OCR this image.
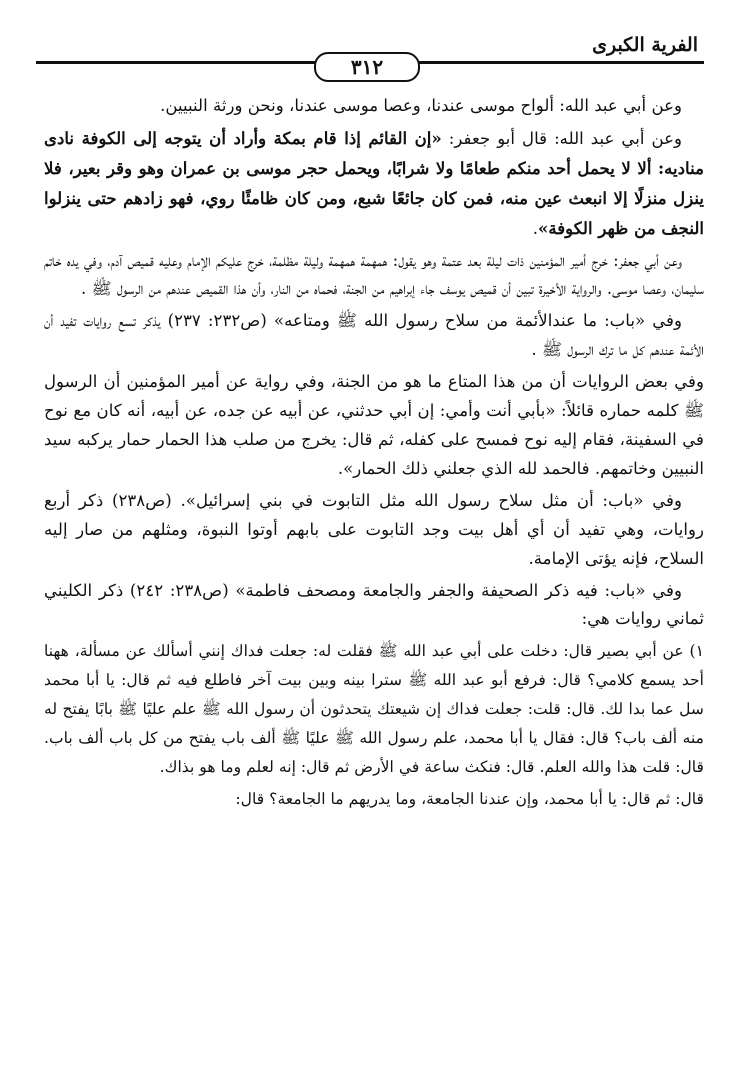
الفرية الكبرى
٣١٢

وعن أبي عبد الله: ألواح موسى عندنا، وعصا موسى عندنا، ونحن ورثة النبيين.

وعن أبي عبد الله: قال أبو جعفر: «إن القائم إذا قام بمكة وأراد أن يتوجه إلى الكوفة نادى مناديه: ألا لا يحمل أحد منكم طعامًا ولا شرابًا، ويحمل حجر موسى بن عمران وهو وقر بعير، فلا ينزل منزلًا إلا انبعث عين منه، فمن كان جائعًا شبع، ومن كان ظامئًا روي، فهو زادهم حتى ينزلوا النجف من ظهر الكوفة».

وعن أبي جعفر: خرج أمير المؤمنين ذات ليلة بعد عتمة وهو يقول: همهمة همهمة وليلة مظلمة، خرج عليكم الإمام وعليه قميص آدم، وفي يده خاتم سليمان، وعصا موسى. والرواية الأخيرة تبين أن قميص يوسف جاء إبراهيم من الجنة، فحماه من النار، وأن هذا القميص عندهم من الرسول ﷺ .

وفي «باب: ما عندالأئمة من سلاح رسول الله ﷺ ومتاعه» (ص٢٣٢: ٢٣٧) يذكر تسع روايات تفيد أن الأئمة عندهم كل ما ترك الرسول ﷺ .

وفي بعض الروايات أن من هذا المتاع ما هو من الجنة، وفي رواية عن أمير المؤمنين أن الرسول ﷺ كلمه حماره قائلاً: «بأبي أنت وأمي: إن أبي حدثني، عن أبيه عن جده، عن أبيه، أنه كان مع نوح في السفينة، فقام إليه نوح فمسح على كفله، ثم قال: يخرج من صلب هذا الحمار حمار يركبه سيد النبيين وخاتمهم. فالحمد لله الذي جعلني ذلك الحمار».

وفي «باب: أن مثل سلاح رسول الله مثل التابوت في بني إسرائيل». (ص٢٣٨) ذكر أربع روايات، وهي تفيد أن أي أهل بيت وجد التابوت على بابهم أوتوا النبوة، ومثلهم من صار إليه السلاح، فإنه يؤتى الإمامة.

وفي «باب: فيه ذكر الصحيفة والجفر والجامعة ومصحف فاطمة» (ص٢٣٨: ٢٤٢) ذكر الكليني ثماني روايات هي:

١) عن أبي بصير قال: دخلت على أبي عبد الله ﷺ فقلت له: جعلت فداك إنني أسألك عن مسألة، ههنا أحد يسمع كلامي؟ قال: فرفع أبو عبد الله ﷺ سترا بينه وبين بيت آخر فاطلع فيه ثم قال: يا أبا محمد سل عما بدا لك. قال: قلت: جعلت فداك إن شيعتك يتحدثون أن رسول الله ﷺ علم عليًا ﷺ بابًا يفتح له منه ألف باب؟ قال: فقال يا أبا محمد، علم رسول الله ﷺ عليًا ﷺ ألف باب يفتح من كل باب ألف باب. قال: قلت هذا والله العلم. قال: فنكث ساعة في الأرض ثم قال: إنه لعلم وما هو بذاك.

قال: ثم قال: يا أبا محمد، وإن عندنا الجامعة، وما يدريهم ما الجامعة؟ قال:
